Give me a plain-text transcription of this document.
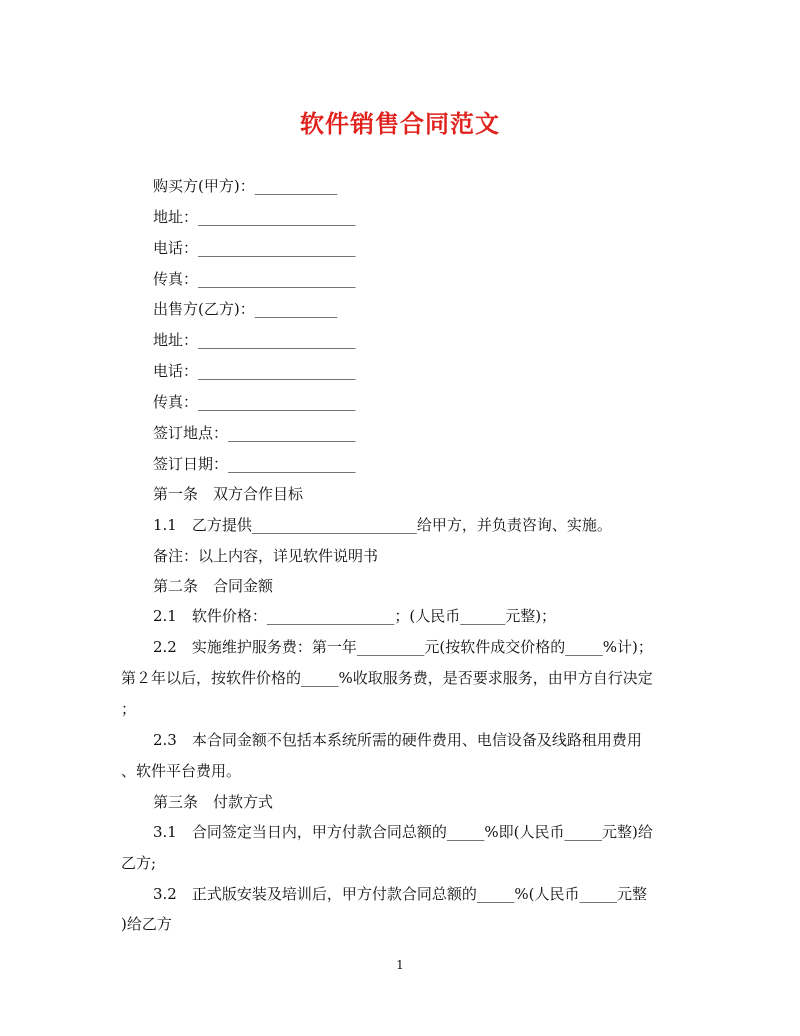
软件销售合同范文
购买方(甲方)：___________
地址：_____________________
电话：_____________________
传真：_____________________
出售方(乙方)：___________
地址：_____________________
电话：_____________________
传真：_____________________
签订地点：_________________
签订日期：_________________
第一条　双方合作目标
1.1　乙方提供______________________给甲方，并负责咨询、实施。
备注：以上内容，详见软件说明书
第二条　合同金额
2.1　软件价格：_________________；(人民币______元整)；
2.2　实施维护服务费：第一年_________元(按软件成交价格的_____%计)；
第２年以后，按软件价格的_____%收取服务费，是否要求服务，由甲方自行决定
；
2.3　本合同金额不包括本系统所需的硬件费用、电信设备及线路租用费用
、软件平台费用。
第三条　付款方式
3.1　合同签定当日内，甲方付款合同总额的_____%即(人民币_____元整)给
乙方;
3.2　正式版安装及培训后，甲方付款合同总额的_____%(人民币_____元整
)给乙方
1
